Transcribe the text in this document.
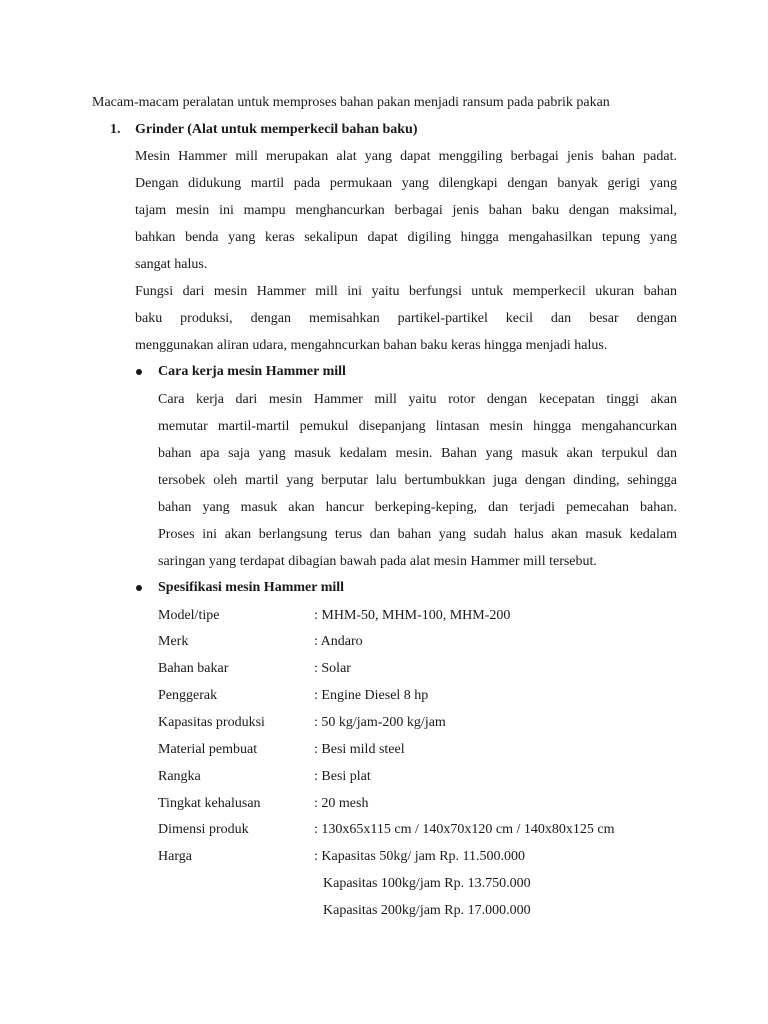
Macam-macam peralatan untuk memproses bahan pakan menjadi ransum pada pabrik pakan
1. Grinder (Alat untuk memperkecil bahan baku)
Mesin Hammer mill merupakan alat yang dapat menggiling berbagai jenis bahan padat.
Dengan didukung martil pada permukaan yang dilengkapi dengan banyak gerigi yang
tajam mesin ini mampu menghancurkan berbagai jenis bahan baku dengan maksimal,
bahkan benda yang keras sekalipun dapat digiling hingga mengahasilkan tepung yang
sangat halus.
Fungsi dari mesin Hammer mill ini yaitu berfungsi untuk memperkecil ukuran bahan
baku produksi, dengan memisahkan partikel-partikel kecil dan besar dengan
menggunakan aliran udara, mengahncurkan bahan baku keras hingga menjadi halus.
Cara kerja mesin Hammer mill
Cara kerja dari mesin Hammer mill yaitu rotor dengan kecepatan tinggi akan
memutar martil-martil pemukul disepanjang lintasan mesin hingga mengahancurkan
bahan apa saja yang masuk kedalam mesin. Bahan yang masuk akan terpukul dan
tersobek oleh martil yang berputar lalu bertumbukkan juga dengan dinding, sehingga
bahan yang masuk akan hancur berkeping-keping, dan terjadi pemecahan bahan.
Proses ini akan berlangsung terus dan bahan yang sudah halus akan masuk kedalam
saringan yang terdapat dibagian bawah pada alat mesin Hammer mill tersebut.
Spesifikasi mesin Hammer mill
Model/tipe	: MHM-50, MHM-100, MHM-200
Merk	: Andaro
Bahan bakar	: Solar
Penggerak	: Engine Diesel 8 hp
Kapasitas produksi	: 50 kg/jam-200 kg/jam
Material pembuat	: Besi mild steel
Rangka	: Besi plat
Tingkat kehalusan	: 20 mesh
Dimensi produk	: 130x65x115 cm / 140x70x120 cm / 140x80x125 cm
Harga	: Kapasitas 50kg/ jam Rp. 11.500.000
Kapasitas 100kg/jam Rp. 13.750.000
Kapasitas 200kg/jam Rp. 17.000.000
